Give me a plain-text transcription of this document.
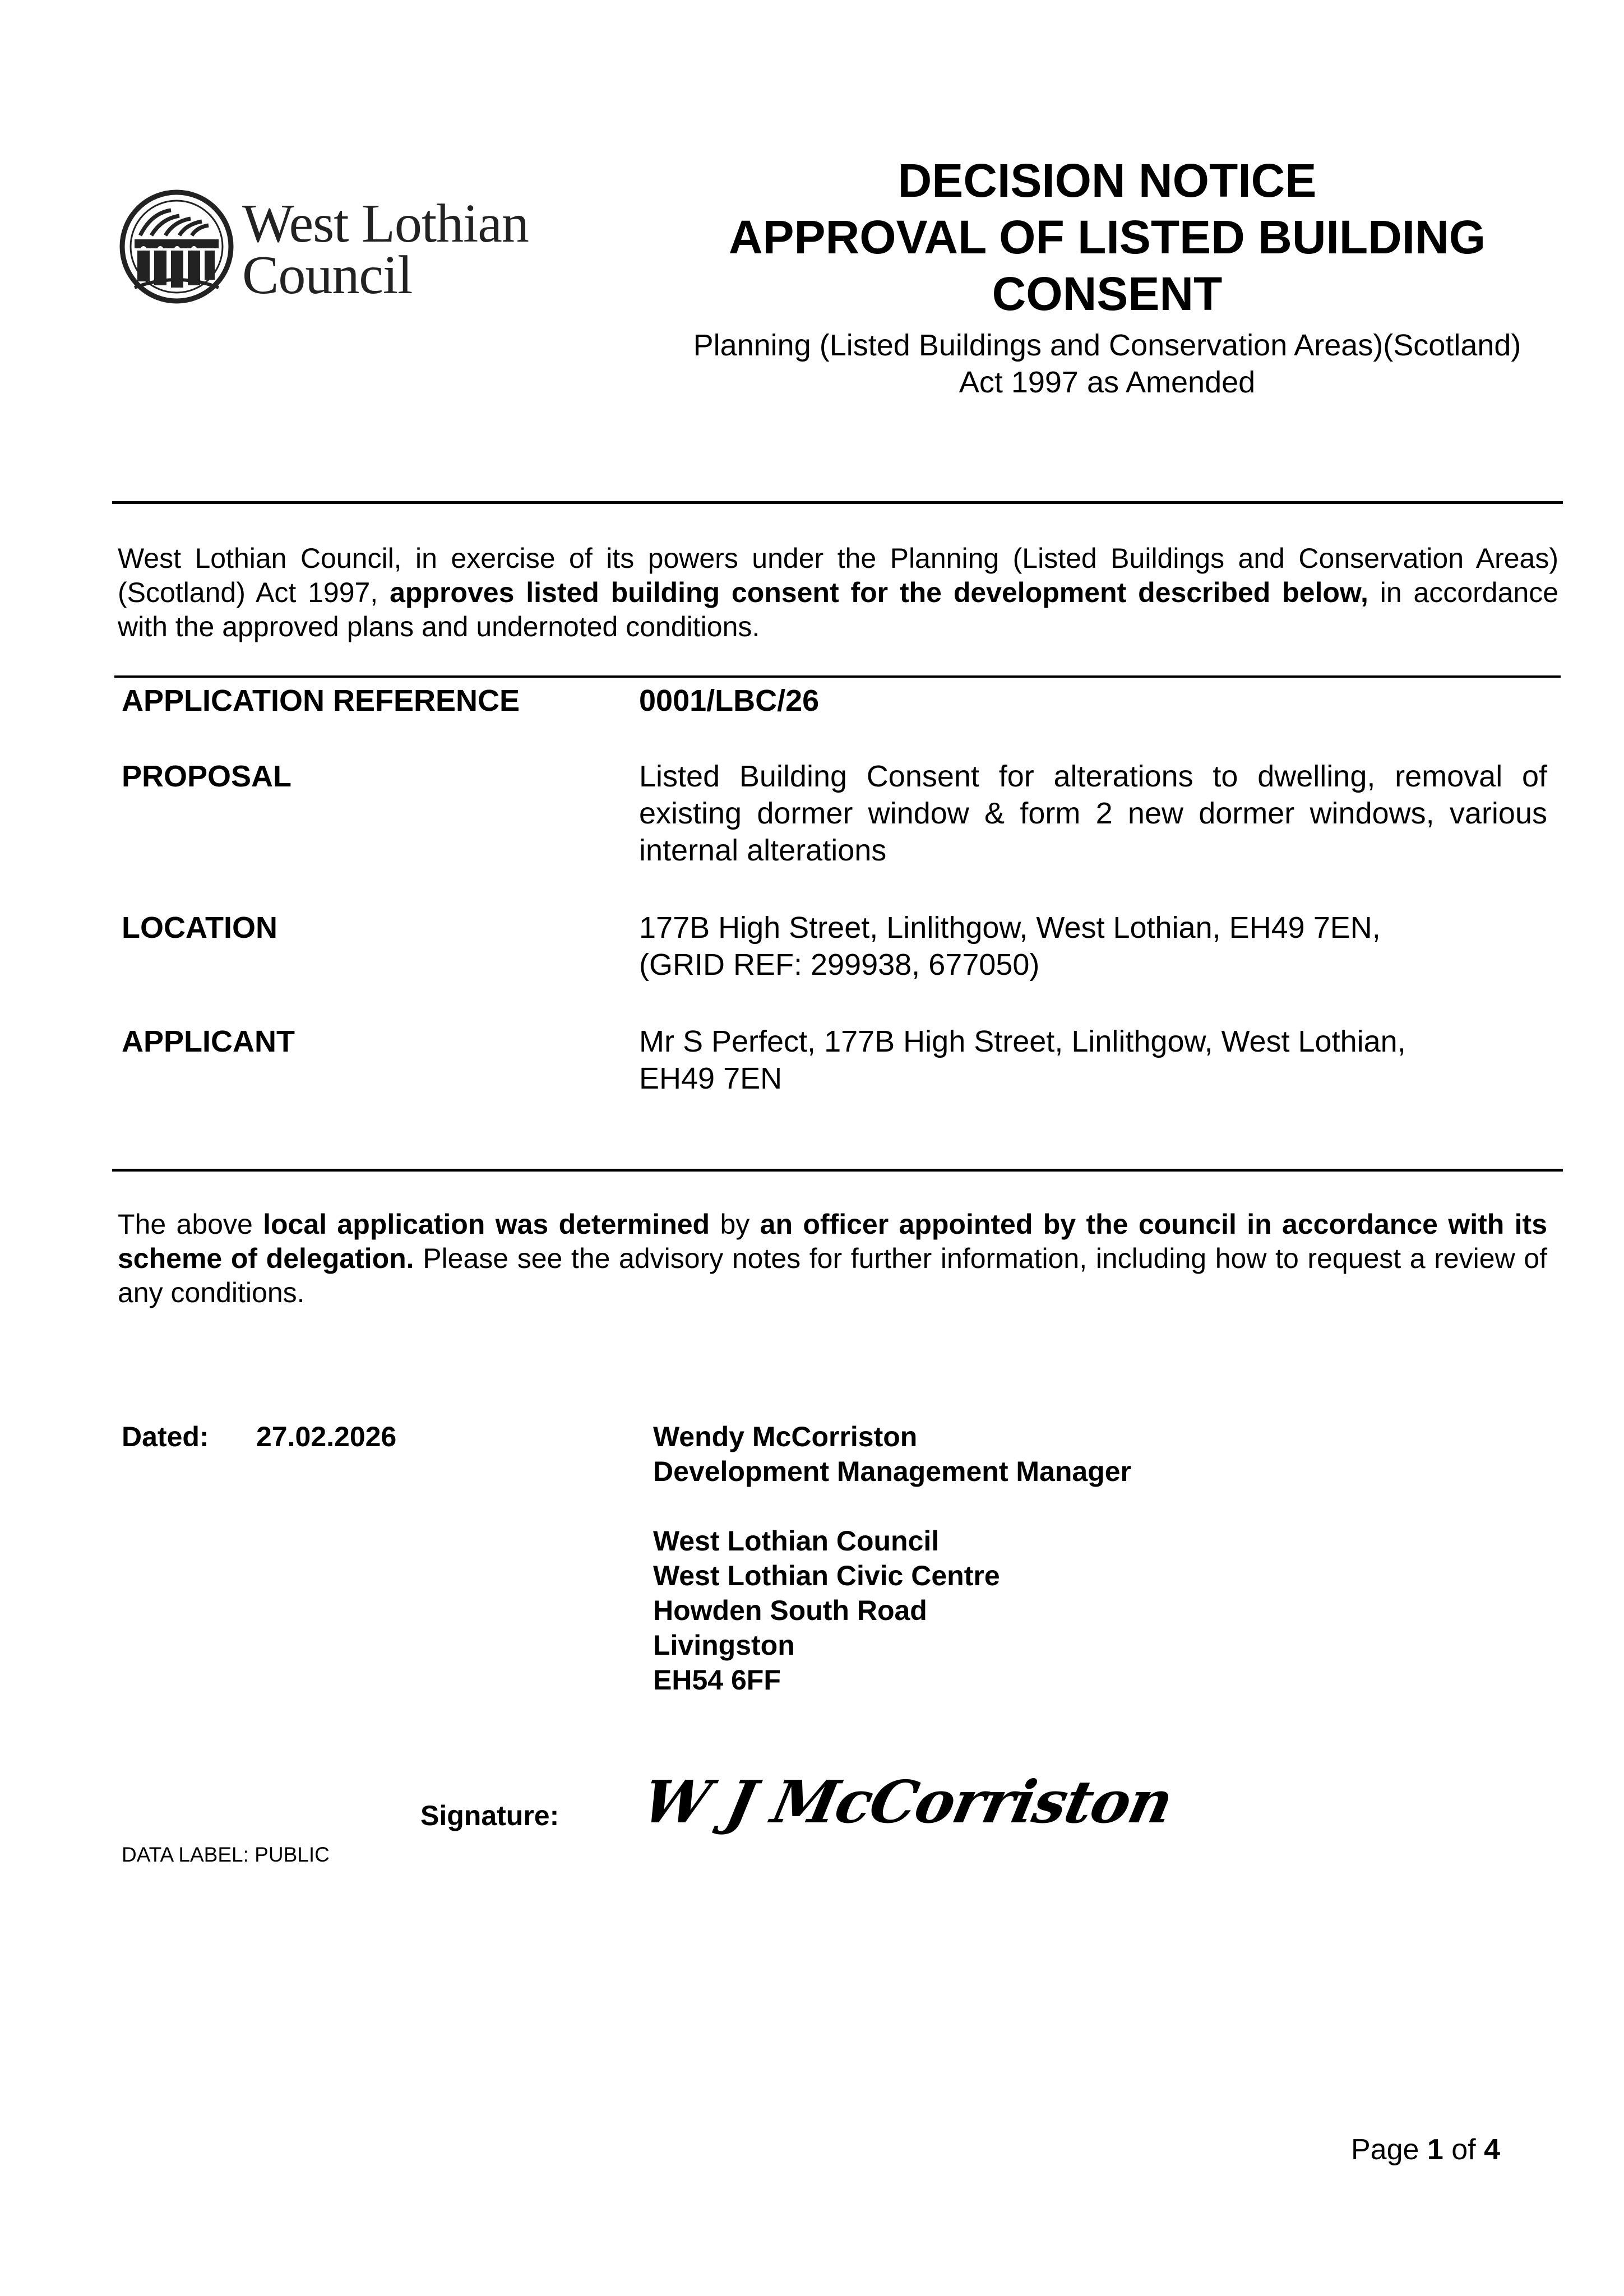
West Lothian
Council
DECISION NOTICE
APPROVAL OF LISTED BUILDING
CONSENT
Planning (Listed Buildings and Conservation Areas)(Scotland)
Act 1997 as Amended
West Lothian Council, in exercise of its powers under the Planning (Listed Buildings and Conservation Areas)(Scotland) Act 1997, approves listed building consent for the development described below, in accordance with the approved plans and undernoted conditions.
APPLICATION REFERENCE	0001/LBC/26
PROPOSAL	Listed Building Consent for alterations to dwelling, removal of existing dormer window & form 2 new dormer windows, various internal alterations
LOCATION	177B High Street, Linlithgow, West Lothian, EH49 7EN,
(GRID REF: 299938, 677050)
APPLICANT	Mr S Perfect, 177B High Street, Linlithgow, West Lothian,
EH49 7EN
The above local application was determined by an officer appointed by the council in accordance with its scheme of delegation. Please see the advisory notes for further information, including how to request a review of any conditions.
Dated: 27.02.2026	Wendy McCorriston
Development Management Manager
West Lothian Council
West Lothian Civic Centre
Howden South Road
Livingston
EH54 6FF
Signature: W J McCorriston
DATA LABEL: PUBLIC
Page 1 of 4
